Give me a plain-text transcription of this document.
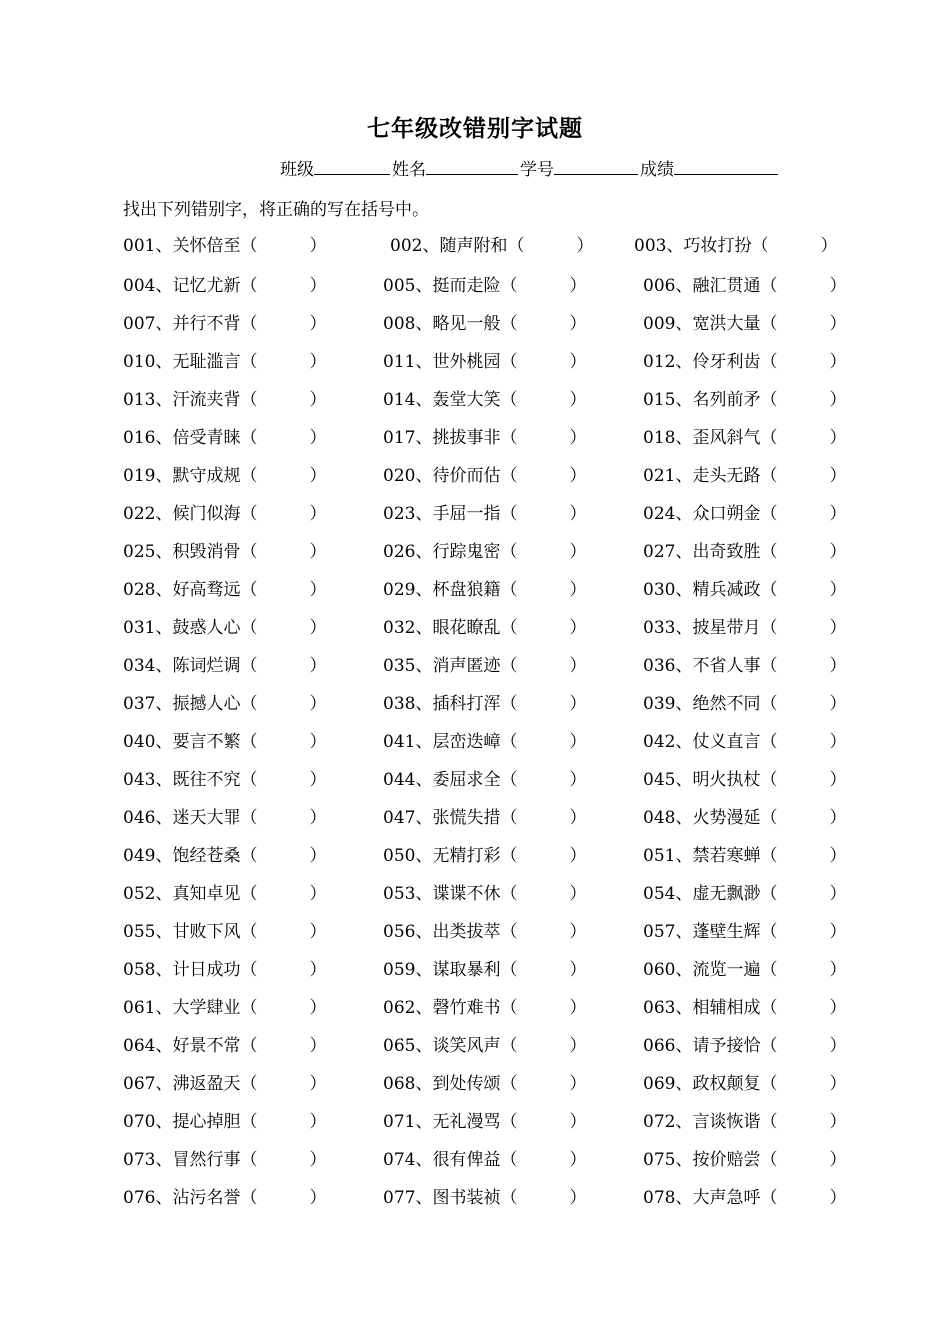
七年级改错别字试题
班级	姓名	学号	成绩
找出下列错别字，将正确的写在括号中。
001、关怀倍至（	）	002、随声附和（	） 003、巧妆打扮（	）
004、记忆尤新（	）	005、挺而走险（	）	006、融汇贯通（	）
007、并行不背（	）	008、略见一般（	）	009、宽洪大量（	）
010、无耻滥言（	）	011、世外桃园（	）	012、伶牙利齿（	）
013、汗流夹背（	）	014、轰堂大笑（	）	015、名列前矛（	）
016、倍受青睐（	）	017、挑拔事非（	）	018、歪风斜气（	）
019、默守成规（	）	020、待价而估（	）	021、走头无路（	）
022、候门似海（	）	023、手屈一指（	）	024、众口朔金（	）
025、积毁消骨（	）	026、行踪鬼密（	）	027、出奇致胜（	）
028、好高骛远（	）	029、杯盘狼籍（	）	030、精兵减政（	）
031、鼓惑人心（	）	032、眼花瞭乱（	）	033、披星带月（	）
034、陈词烂调（	）	035、消声匿迹（	）	036、不省人事（	）
037、振撼人心（	）	038、插科打浑（	）	039、绝然不同（	）
040、要言不繁（	）	041、层峦迭嶂（	）	042、仗义直言（	）
043、既往不究（	）	044、委屈求全（	）	045、明火执杖（	）
046、迷天大罪（	）	047、张慌失措（	）	048、火势漫延（	）
049、饱经苍桑（	）	050、无精打彩（	）	051、禁若寒蝉（	）
052、真知卓见（	）	053、谍谍不休（	）	054、虚无飘渺（	）
055、甘败下风（	）	056、出类拔萃（	）	057、蓬壁生辉（	）
058、计日成功（	）	059、谋取暴利（	）	060、流览一遍（	）
061、大学肆业（	）	062、磬竹难书（	）	063、相辅相成（	）
064、好景不常（	）	065、谈笑风声（	）	066、请予接恰（	）
067、沸返盈天（	）	068、到处传颂（	）	069、政权颠复（	）
070、提心掉胆（	）	071、无礼漫骂（	）	072、言谈恢谐（	）
073、冒然行事（	）	074、很有俾益（	）	075、按价赔尝（	）
076、沾污名誉（	）	077、图书装祯（	）	078、大声急呼（	）
